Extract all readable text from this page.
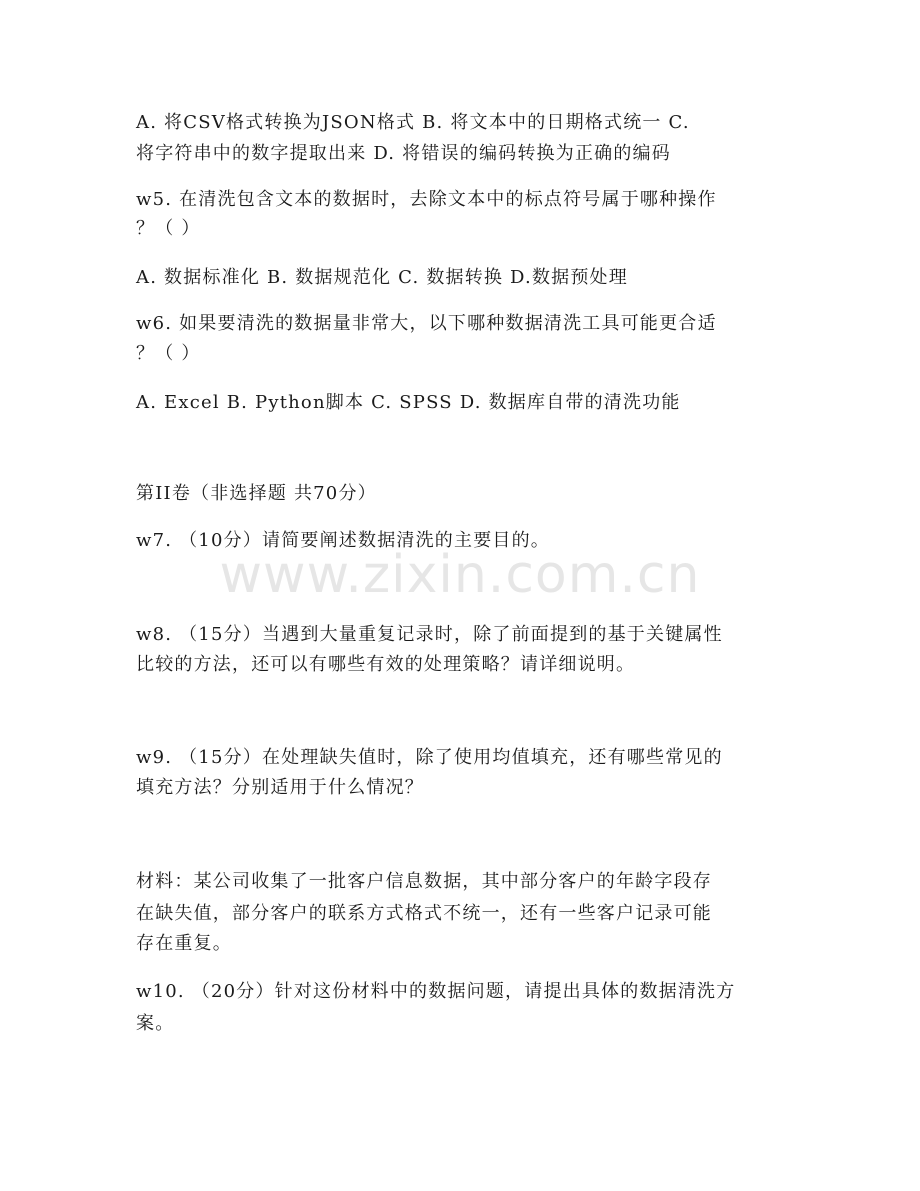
www.zixin.com.cn
A. 将CSV格式转换为JSON格式 B. 将文本中的日期格式统一 C.
将字符串中的数字提取出来 D. 将错误的编码转换为正确的编码
w5. 在清洗包含文本的数据时，去除文本中的标点符号属于哪种操作
？（ ）
A. 数据标准化 B. 数据规范化 C. 数据转换 D.数据预处理
w6. 如果要清洗的数据量非常大，以下哪种数据清洗工具可能更合适
？（ ）
A. Excel B. Python脚本 C. SPSS D. 数据库自带的清洗功能
第II卷（非选择题 共70分）
w7. （10分）请简要阐述数据清洗的主要目的。
w8. （15分）当遇到大量重复记录时，除了前面提到的基于关键属性
比较的方法，还可以有哪些有效的处理策略？请详细说明。
w9. （15分）在处理缺失值时，除了使用均值填充，还有哪些常见的
填充方法？分别适用于什么情况？
材料：某公司收集了一批客户信息数据，其中部分客户的年龄字段存
在缺失值，部分客户的联系方式格式不统一，还有一些客户记录可能
存在重复。
w10. （20分）针对这份材料中的数据问题，请提出具体的数据清洗方
案。
